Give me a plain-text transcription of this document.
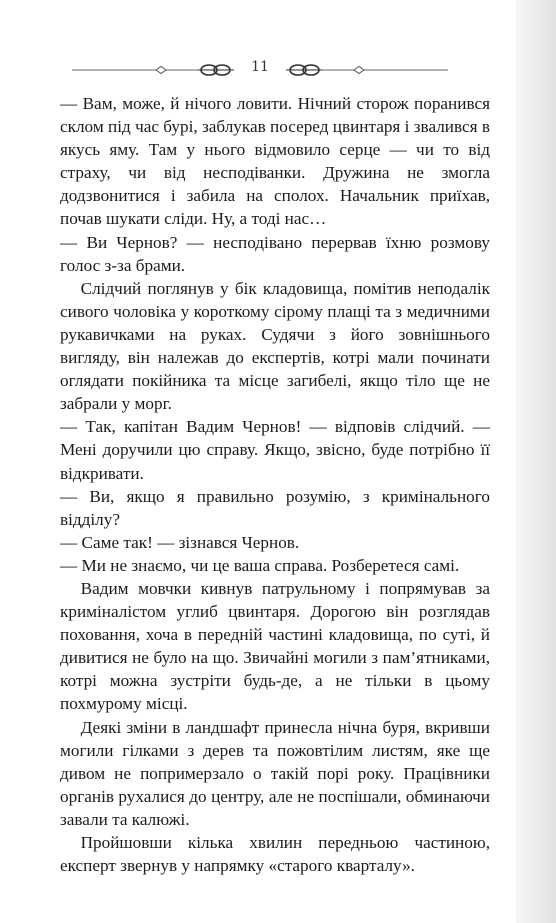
11

— Вам, може, й нічого ловити. Нічний сторож поранився склом під час бурі, заблукав посеред цвинтаря і звалився в якусь яму. Там у нього відмовило серце — чи то від страху, чи від несподіванки. Дружина не змогла додзвонитися і забила на сполох. Начальник приїхав, почав шукати сліди. Ну, а тоді нас…

— Ви Чернов? — несподівано перервав їхню розмову голос з-за брами.

Слідчий поглянув у бік кладовища, помітив неподалік сивого чоловіка у короткому сірому плащі та з медичними рукавичками на руках. Судячи з його зовнішнього вигляду, він належав до експертів, котрі мали починати оглядати покійника та місце загибелі, якщо тіло ще не забрали у морг.

— Так, капітан Вадим Чернов! — відповів слідчий. — Мені доручили цю справу. Якщо, звісно, буде потрібно її відкривати.

— Ви, якщо я правильно розумію, з кримінального відділу?

— Саме так! — зізнався Чернов.

— Ми не знаємо, чи це ваша справа. Розберетеся самі.

Вадим мовчки кивнув патрульному і попрямував за криміналістом углиб цвинтаря. Дорогою він розглядав поховання, хоча в передній частині кладовища, по суті, й дивитися не було на що. Звичайні могили з пам’ятниками, котрі можна зустріти будь-де, а не тільки в цьому похмурому місці.

Деякі зміни в ландшафт принесла нічна буря, вкривши могили гілками з дерев та пожовтілим листям, яке ще дивом не попримерзало о такій порі року. Працівники органів рухалися до центру, але не поспішали, обминаючи завали та калюжі.

Пройшовши кілька хвилин передньою частиною, експерт звернув у напрямку «старого кварталу».
